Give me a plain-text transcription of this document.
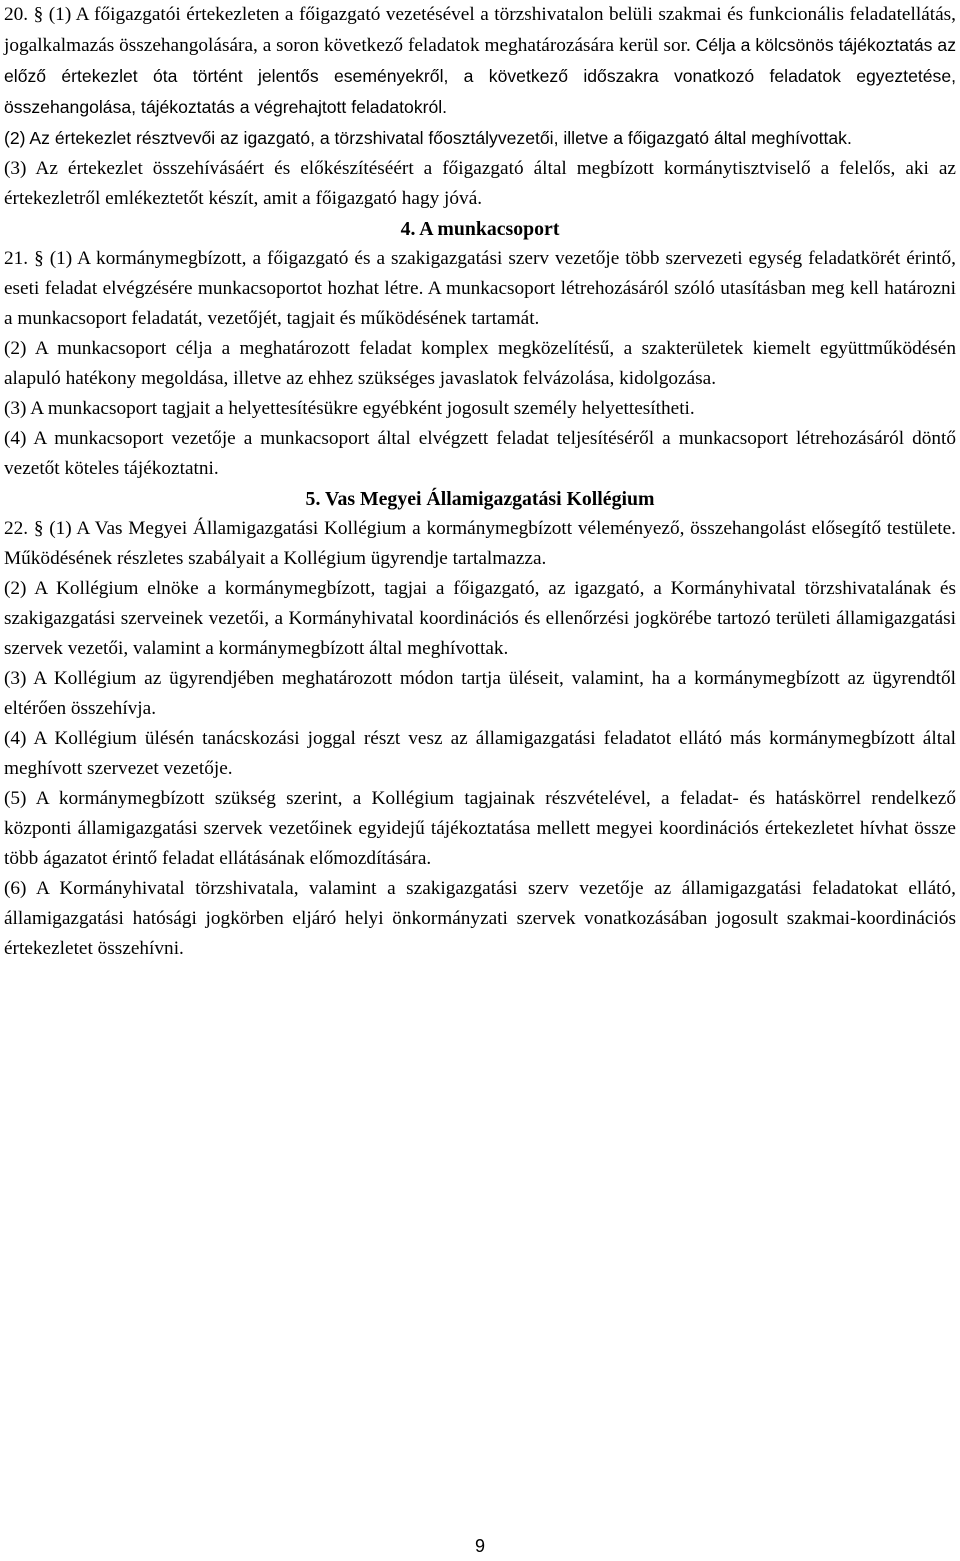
20. § (1) A főigazgatói értekezleten a főigazgató vezetésével a törzshivatalon belüli szakmai és funkcionális feladatellátás, jogalkalmazás összehangolására, a soron következő feladatok meghatározására kerül sor. Célja a kölcsönös tájékoztatás az előző értekezlet óta történt jelentős eseményekről, a következő időszakra vonatkozó feladatok egyeztetése, összehangolása, tájékoztatás a végrehajtott feladatokról.

(2) Az értekezlet résztvevői az igazgató, a törzshivatal főosztályvezetői, illetve a főigazgató által meghívottak.

(3) Az értekezlet összehívásáért és előkészítéséért a főigazgató által megbízott kormánytisztviselő a felelős, aki az értekezletről emlékeztetőt készít, amit a főigazgató hagy jóvá.

4. A munkacsoport

21. § (1) A kormánymegbízott, a főigazgató és a szakigazgatási szerv vezetője több szervezeti egység feladatkörét érintő, eseti feladat elvégzésére munkacsoportot hozhat létre. A munkacsoport létrehozásáról szóló utasításban meg kell határozni a munkacsoport feladatát, vezetőjét, tagjait és működésének tartamát.

(2) A munkacsoport célja a meghatározott feladat komplex megközelítésű, a szakterületek kiemelt együttműködésén alapuló hatékony megoldása, illetve az ehhez szükséges javaslatok felvázolása, kidolgozása.

(3) A munkacsoport tagjait a helyettesítésükre egyébként jogosult személy helyettesítheti.

(4) A munkacsoport vezetője a munkacsoport által elvégzett feladat teljesítéséről a munkacsoport létrehozásáról döntő vezetőt köteles tájékoztatni.

5. Vas Megyei Államigazgatási Kollégium

22. § (1) A Vas Megyei Államigazgatási Kollégium a kormánymegbízott véleményező, összehangolást elősegítő testülete. Működésének részletes szabályait a Kollégium ügyrendje tartalmazza.

(2) A Kollégium elnöke a kormánymegbízott, tagjai a főigazgató, az igazgató, a Kormányhivatal törzshivatalának és szakigazgatási szerveinek vezetői, a Kormányhivatal koordinációs és ellenőrzési jogkörébe tartozó területi államigazgatási szervek vezetői, valamint a kormánymegbízott által meghívottak.

(3) A Kollégium az ügyrendjében meghatározott módon tartja üléseit, valamint, ha a kormánymegbízott az ügyrendtől eltérően összehívja.

(4) A Kollégium ülésén tanácskozási joggal részt vesz az államigazgatási feladatot ellátó más kormánymegbízott által meghívott szervezet vezetője.

(5) A kormánymegbízott szükség szerint, a Kollégium tagjainak részvételével, a feladat- és hatáskörrel rendelkező központi államigazgatási szervek vezetőinek egyidejű tájékoztatása mellett megyei koordinációs értekezletet hívhat össze több ágazatot érintő feladat ellátásának előmozdítására.

(6) A Kormányhivatal törzshivatala, valamint a szakigazgatási szerv vezetője az államigazgatási feladatokat ellátó, államigazgatási hatósági jogkörben eljáró helyi önkormányzati szervek vonatkozásában jogosult szakmai-koordinációs értekezletet összehívni.

9
